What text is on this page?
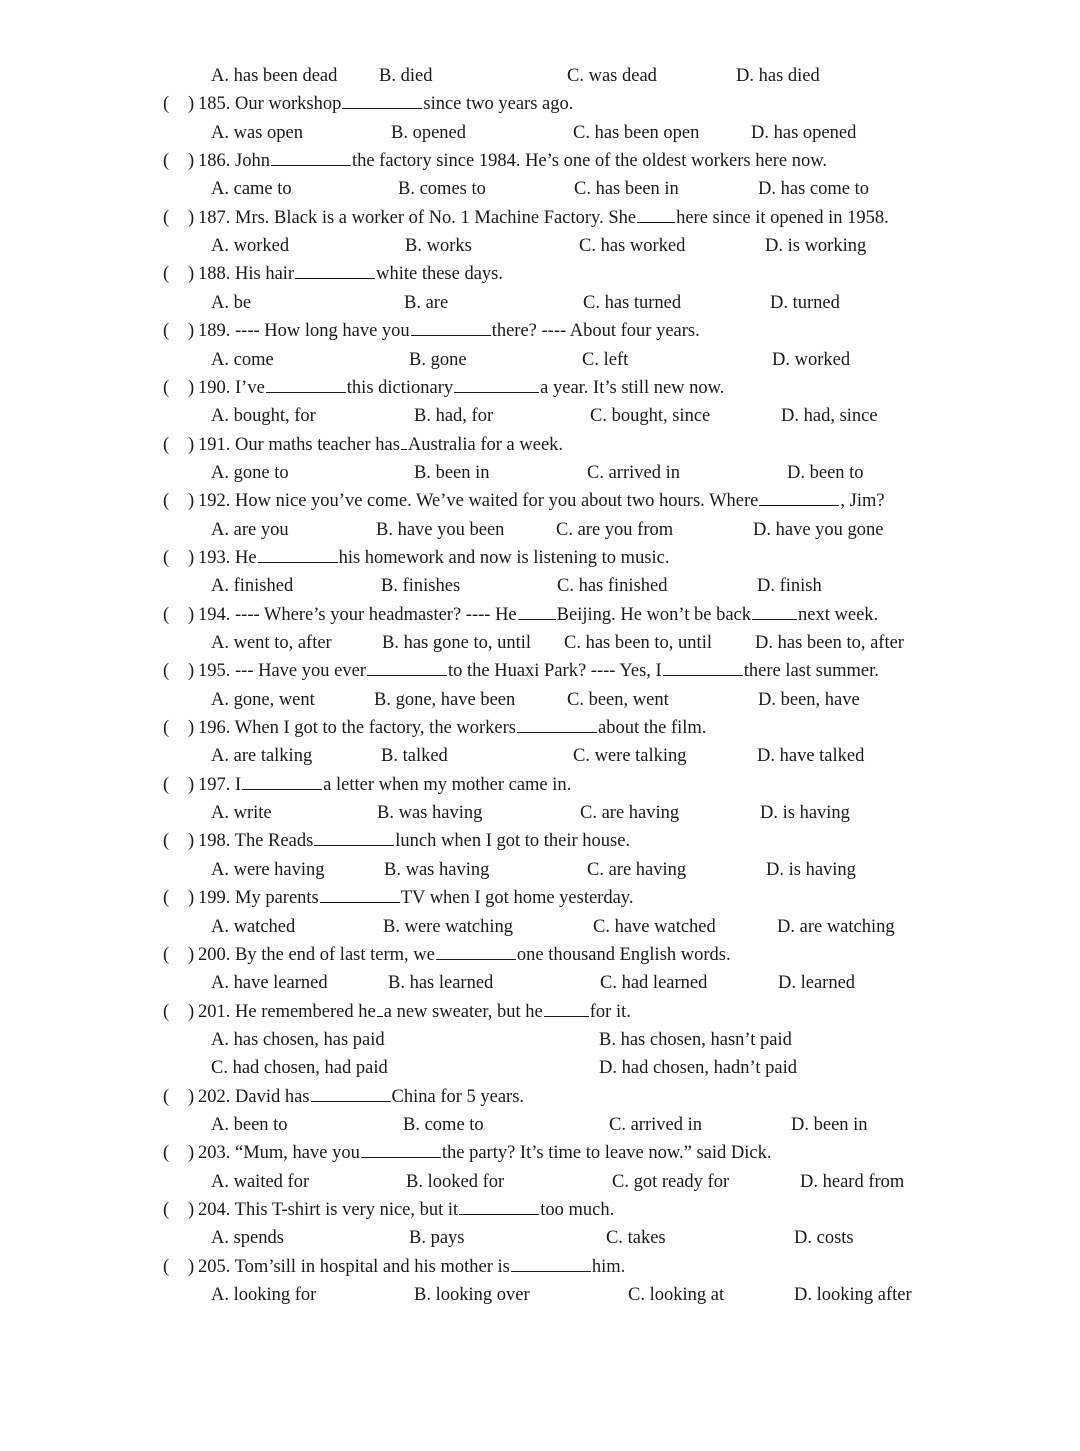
A. has been dead B. died	C. was dead	D. has died
( 185. Our workshop	since two years ago.
)
A. was open	B. opened	C. has been open	D. has opened
( 186. John	the factory since 1984. He’s one of the oldest workers here now.
)
A. came to	B. comes to	C. has been in	D. has come to
( 187. Mrs. Black is a worker of No. 1 Machine Factory. She here since it opened in 1958.
)
A. worked	B. works	C. has worked	D. is working
( 188. His hair	white these days.
)
A. be	B. are	C. has turned	D. turned
( 189. ---- How long have you	there? ---- About four years.
)
A. come	B. gone	C. left	D. worked
( 190. I’ve	this dictionary	a year. It’s still new now.
)
A. bought, for	B. had, for	C. bought, since	D. had, since
( 191. Our maths teacher has Australia for a week.
)
A. gone to	B. been in	C. arrived in	D. been to
( 192. How nice you’ve come. We’ve waited for you about two hours. Where	, Jim?
)
A. are you	B. have you been	C. are you from	D. have you gone
( 193. He	his homework and now is listening to music.
)
A. finished	B. finishes	C. has finished	D. finish
( 194. ---- Where’s your headmaster? ---- He Beijing. He won’t be back	next week.
)
A. went to, after	B. has gone to, until C. has been to, until D. has been to, after
( 195. --- Have you ever	to the Huaxi Park? ---- Yes, I	there last summer.
)
A. gone, went	B. gone, have been	C. been, went	D. been, have
( 196. When I got to the factory, the workers	about the film.
)
A. are talking	B. talked	C. were talking	D. have talked
( 197. I	a letter when my mother came in.
)
A. write	B. was having	C. are having	D. is having
( 198. The Reads	lunch when I got to their house.
)
A. were having	B. was having	C. are having	D. is having
( 199. My parents	TV when I got home yesterday.
)
A. watched	B. were watching	C. have watched	D. are watching
( 200. By the end of last term, we	one thousand English words.
)
A. have learned	B. has learned	C. had learned	D. learned
( 201. He remembered he a new sweater, but he	for it.
)
A. has chosen, has paid	B. has chosen, hasn’t paid
C. had chosen, had paid	D. had chosen, hadn’t paid
( 202. David has	China for 5 years.
)
A. been to	B. come to	C. arrived in	D. been in
( 203. “Mum, have you	the party? It’s time to leave now.” said Dick.
)
A. waited for	B. looked for	C. got ready for	D. heard from
( 204. This T-shirt is very nice, but it	too much.
)
A. spends	B. pays	C. takes	D. costs
( 205. Tom’sill in hospital and his mother is	him.
)
A. looking for	B. looking over	C. looking at	D. looking after
